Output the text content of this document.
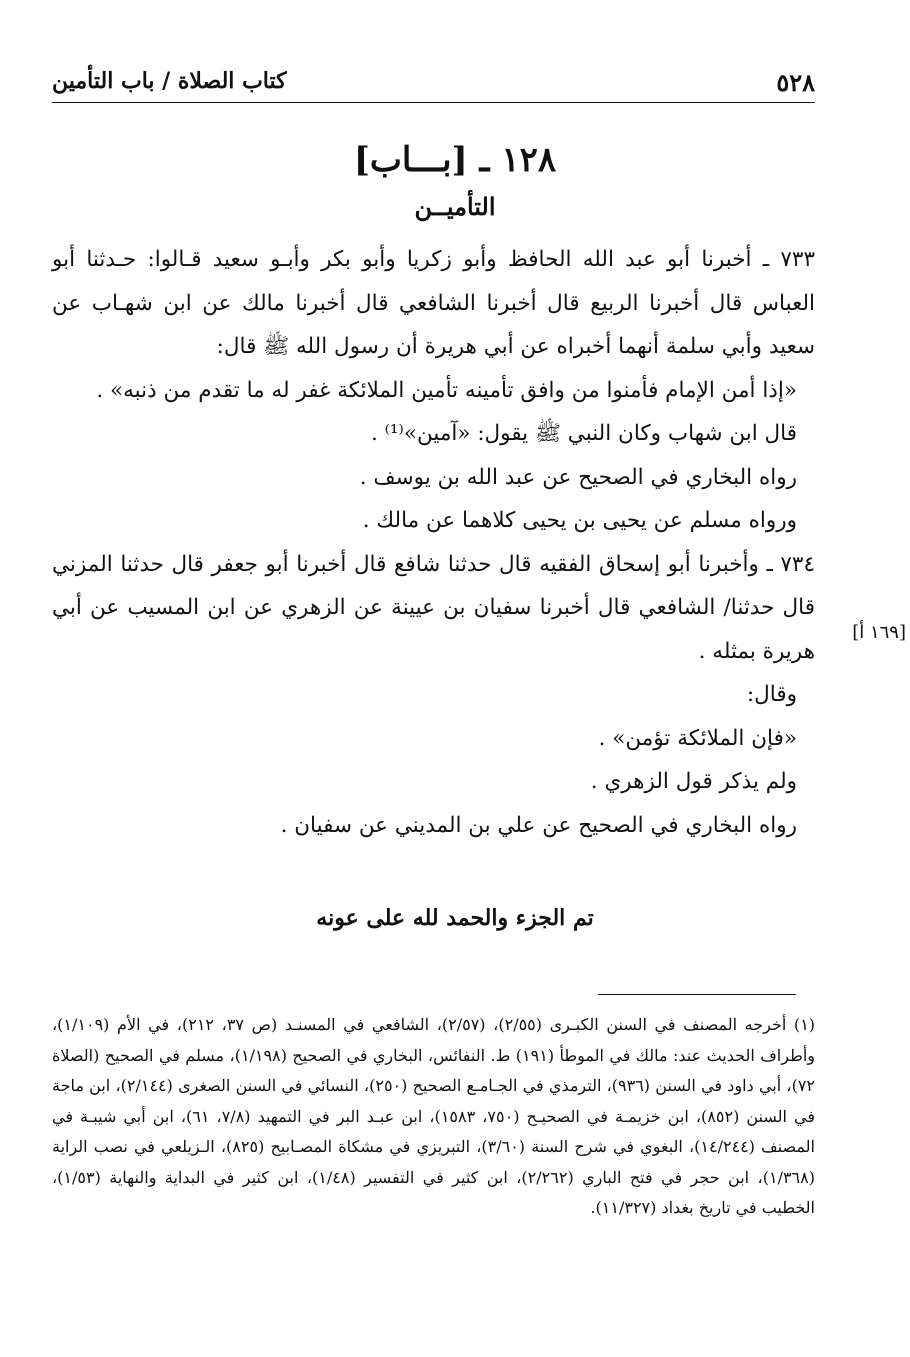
٥٢٨
كتاب الصلاة / باب التأمين
١٢٨ ـ [بـــاب]
التأميــن

٧٣٣ ـ أخبرنا أبو عبد الله الحافظ وأبو زكريا وأبو بكر وأبـو سعيد قـالوا: حـدثنا أبو العباس قال أخبرنا الربيع قال أخبرنا الشافعي قال أخبرنا مالك عن ابن شهـاب عن سعيد وأبي سلمة أنهما أخبراه عن أبي هريرة أن رسول الله ﷺ قال:

«إذا أمن الإمام فأمنوا من وافق تأمينه تأمين الملائكة غفر له ما تقدم من ذنبه» .

قال ابن شهاب وكان النبي ﷺ يقول: «آمين»⁽¹⁾ .

رواه البخاري في الصحيح عن عبد الله بن يوسف .

ورواه مسلم عن يحيى بن يحيى كلاهما عن مالك .

٧٣٤ ـ وأخبرنا أبو إسحاق الفقيه قال حدثنا شافع قال أخبرنا أبو جعفر قال حدثنا المزني قال حدثنا/ الشافعي قال أخبرنا سفيان بن عيينة عن الزهري عن ابن المسيب عن أبي هريرة بمثله .

وقال:

«فإن الملائكة تؤمن» .

ولم يذكر قول الزهري .

رواه البخاري في الصحيح عن علي بن المديني عن سفيان .

[١٦٩ أ]
تم الجزء والحمد لله على عونه
(١) أخرجه المصنف في السنن الكبـرى (٢/٥٥)، (٢/٥٧)، الشافعي في المسنـد (ص ٣٧، ٢١٢)، في الأم (١/١٠٩)، وأطراف الحديث عند: مالك في الموطأ (١٩١) ط. النفائس، البخاري في الصحيح (١/١٩٨)، مسلم في الصحيح (الصلاة ٧٢)، أبي داود في السنن (٩٣٦)، الترمذي في الجـامـع الصحيح (٢٥٠)، النسائي في السنن الصغرى (٢/١٤٤)، ابن ماجة في السنن (٨٥٢)، ابن خزيمـة في الصحيـح (٧٥٠، ١٥٨٣)، ابن عبـد البر في التمهيد (٧/٨، ٦١)، ابن أبي شيبـة في المصنف (١٤/٢٤٤)، البغوي في شرح السنة (٣/٦٠)، التبريزي في مشكاة المصـابيح (٨٢٥)، الـزيلعي في نصب الراية (١/٣٦٨)، ابن حجر في فتح الباري (٢/٢٦٢)، ابن كثير في التفسير (١/٤٨)، ابن كثير في البداية والنهاية (١/٥٣)، الخطيب في تاريخ بغداد (١١/٣٢٧).
